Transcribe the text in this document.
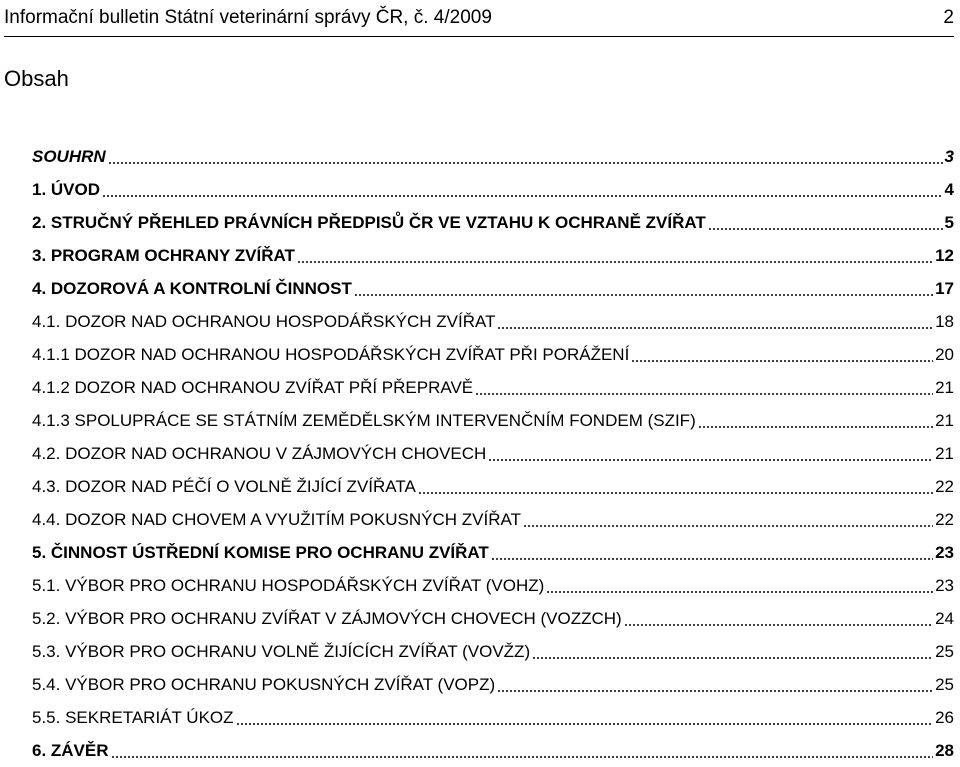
Informační bulletin Státní veterinární správy ČR, č. 4/2009	2
Obsah
SOUHRN	3
1. ÚVOD	4
2. STRUČNÝ PŘEHLED PRÁVNÍCH PŘEDPISŮ ČR VE VZTAHU K OCHRANĚ ZVÍŘAT	5
3. PROGRAM OCHRANY ZVÍŘAT	12
4. DOZOROVÁ A KONTROLNÍ ČINNOST	17
4.1. DOZOR NAD OCHRANOU HOSPODÁŘSKÝCH ZVÍŘAT	18
4.1.1 DOZOR NAD OCHRANOU HOSPODÁŘSKÝCH ZVÍŘAT PŘI PORÁŽENÍ	20
4.1.2 DOZOR NAD OCHRANOU ZVÍŘAT PŘÍ PŘEPRAVĚ	21
4.1.3 SPOLUPRÁCE SE STÁTNÍM ZEMĚDĚLSKÝM INTERVENČNÍM FONDEM (SZIF)	21
4.2. DOZOR NAD OCHRANOU V ZÁJMOVÝCH CHOVECH	21
4.3. DOZOR NAD PÉČÍ O VOLNĚ ŽIJÍCÍ ZVÍŘATA	22
4.4. DOZOR NAD CHOVEM A VYUŽITÍM POKUSNÝCH ZVÍŘAT	22
5. ČINNOST ÚSTŘEDNÍ KOMISE PRO OCHRANU ZVÍŘAT	23
5.1. VÝBOR PRO OCHRANU HOSPODÁŘSKÝCH ZVÍŘAT (VOHZ)	23
5.2. VÝBOR PRO OCHRANU ZVÍŘAT V ZÁJMOVÝCH CHOVECH (VOZZCH)	24
5.3. VÝBOR PRO OCHRANU VOLNĚ ŽIJÍCÍCH ZVÍŘAT (VOVŽZ)	25
5.4. VÝBOR PRO OCHRANU POKUSNÝCH ZVÍŘAT (VOPZ)	25
5.5. SEKRETARIÁT ÚKOZ	26
6. ZÁVĚR	28
